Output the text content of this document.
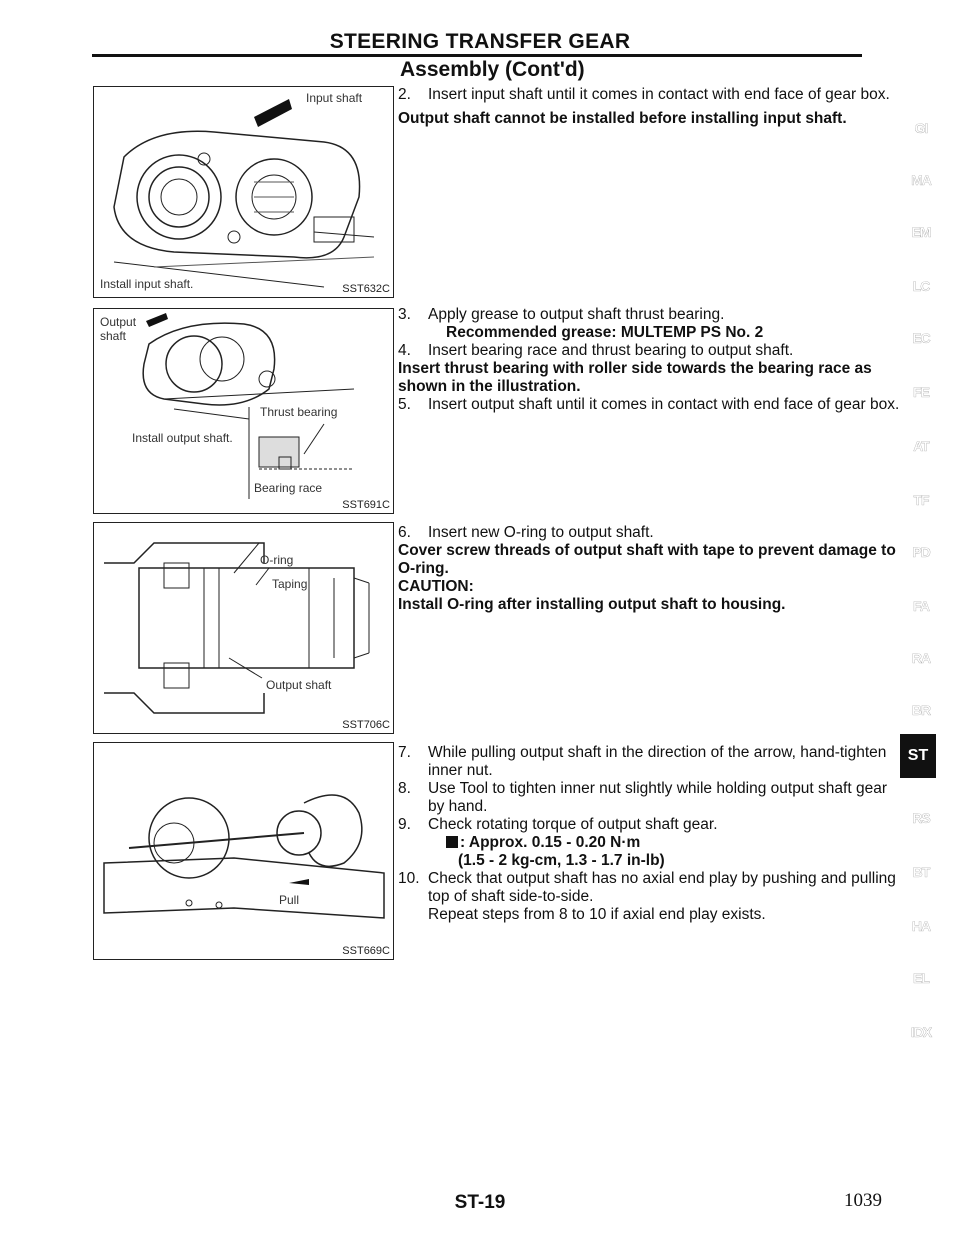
STEERING TRANSFER GEAR
Assembly (Cont'd)
Input shaft
Install input shaft.	SST632C
Output
shaft
Install output shaft.
Thrust bearing
Bearing race
SST691C
O-ring
Taping
Output shaft
SST706C
Pull
SST669C
2.	Insert input shaft until it comes in contact with end face of gear box.

Output shaft cannot be installed before installing input shaft.

3.	Apply grease to output shaft thrust bearing.

Recommended grease: MULTEMP PS No. 2

4.	Insert bearing race and thrust bearing to output shaft.

Insert thrust bearing with roller side towards the bearing race as shown in the illustration.

5.	Insert output shaft until it comes in contact with end face of gear box.
6.	Insert new O-ring to output shaft.

Cover screw threads of output shaft with tape to prevent damage to O-ring.

CAUTION:

Install O-ring after installing output shaft to housing.

7.	While pulling output shaft in the direction of the arrow, hand-tighten inner nut.
8.	Use Tool to tighten inner nut slightly while holding output shaft gear by hand.
9.	Check rotating torque of output shaft gear.

: Approx. 0.15 - 0.20 N·m

(1.5 - 2 kg-cm, 1.3 - 1.7 in-lb)

10. Check that output shaft has no axial end play by pushing and pulling top of shaft side-to-side.

Repeat steps from 8 to 10 if axial end play exists.

GI
MA
EM
LC
EC
FE
AT
TF
PD
FA
RA
BR
ST
RS
BT
HA
EL
IDX
ST-19	1039
